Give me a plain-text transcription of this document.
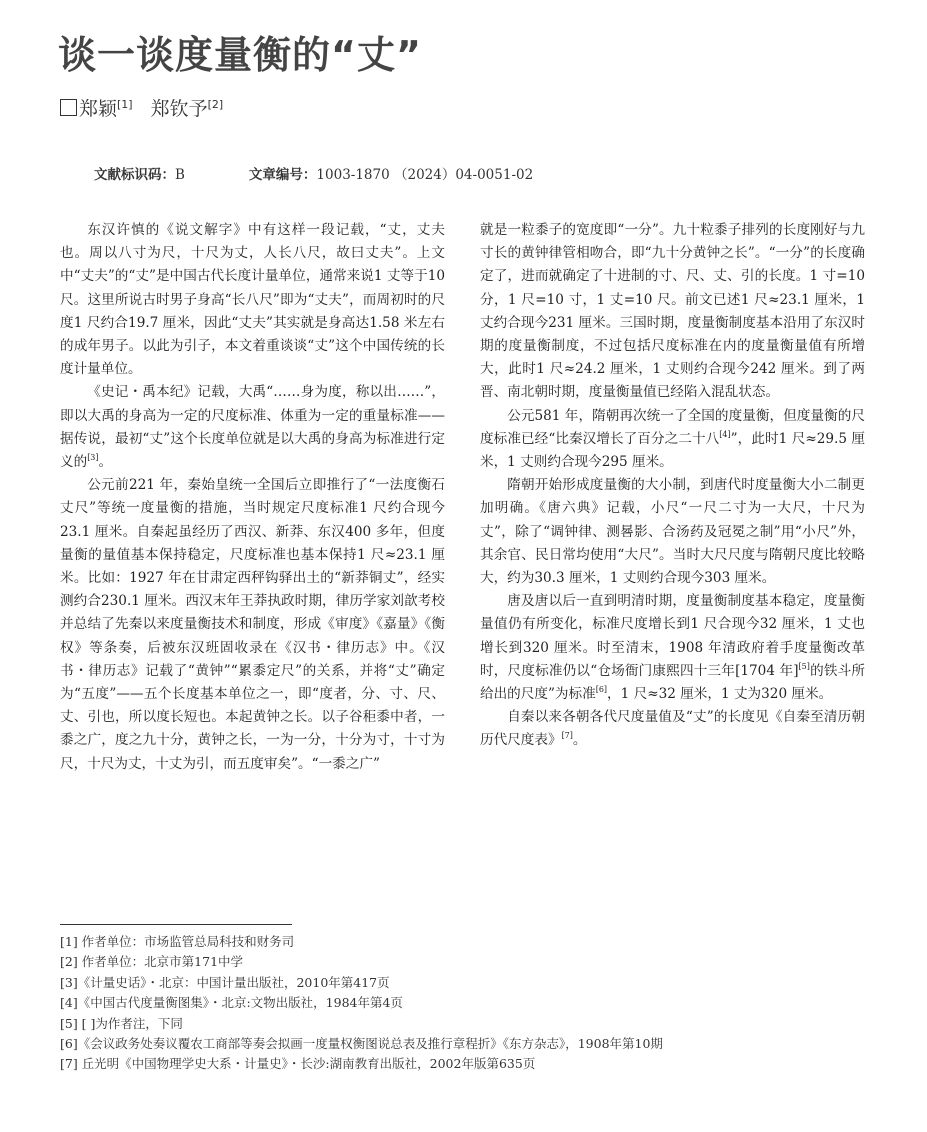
谈一谈度量衡的“丈”
郑颖[1] 郑钦予[2]
文献标识码：B	文章编号：1003-1870 （2024）04-0051-02

东汉许慎的《说文解字》中有这样一段记载，“丈，丈夫也。周以八寸为尺，十尺为丈，人长八尺，故曰丈夫”。上文中“丈夫”的“丈”是中国古代长度计量单位，通常来说1 丈等于10 尺。这里所说古时男子身高“长八尺”即为“丈夫”，而周初时的尺度1 尺约合19.7 厘米，因此“丈夫”其实就是身高达1.58 米左右的成年男子。以此为引子，本文着重谈谈“丈”这个中国传统的长度计量单位。

《史记・禹本纪》记载，大禹“……身为度，称以出……”，即以大禹的身高为一定的尺度标准、体重为一定的重量标准——据传说，最初“丈”这个长度单位就是以大禹的身高为标准进行定义的[3]。

公元前221 年，秦始皇统一全国后立即推行了“一法度衡石丈尺”等统一度量衡的措施，当时规定尺度标准1 尺约合现今23.1 厘米。自秦起虽经历了西汉、新莽、东汉400 多年，但度量衡的量值基本保持稳定，尺度标准也基本保持1 尺≈23.1 厘米。比如：1927 年在甘肃定西秤钩驿出土的“新莽铜丈”，经实测约合230.1 厘米。西汉末年王莽执政时期，律历学家刘歆考校并总结了先秦以来度量衡技术和制度，形成《审度》《嘉量》《衡权》等条奏，后被东汉班固收录在《汉书・律历志》中。《汉书・律历志》记载了“黄钟”“累黍定尺”的关系，并将“丈”确定为“五度”——五个长度基本单位之一，即“度者，分、寸、尺、丈、引也，所以度长短也。本起黄钟之长。以子谷秬黍中者，一黍之广，度之九十分，黄钟之长，一为一分，十分为寸，十寸为尺，十尺为丈，十丈为引，而五度审矣”。“一黍之广”

就是一粒黍子的宽度即“一分”。九十粒黍子排列的长度刚好与九寸长的黄钟律管相吻合，即“九十分黄钟之长”。“一分”的长度确定了，进而就确定了十进制的寸、尺、丈、引的长度。1 寸=10 分，1 尺=10 寸，1 丈=10 尺。前文已述1 尺≈23.1 厘米，1 丈约合现今231 厘米。三国时期，度量衡制度基本沿用了东汉时期的度量衡制度，不过包括尺度标准在内的度量衡量值有所增大，此时1 尺≈24.2 厘米，1 丈则约合现今242 厘米。到了两晋、南北朝时期，度量衡量值已经陷入混乱状态。

公元581 年，隋朝再次统一了全国的度量衡，但度量衡的尺度标准已经“比秦汉增长了百分之二十八[4]”，此时1 尺≈29.5 厘米，1 丈则约合现今295 厘米。

隋朝开始形成度量衡的大小制，到唐代时度量衡大小二制更加明确。《唐六典》记载，小尺“一尺二寸为一大尺，十尺为丈”，除了“调钟律、测晷影、合汤药及冠冕之制”用“小尺”外，其余官、民日常均使用“大尺”。当时大尺尺度与隋朝尺度比较略大，约为30.3 厘米，1 丈则约合现今303 厘米。

唐及唐以后一直到明清时期，度量衡制度基本稳定，度量衡量值仍有所变化，标准尺度增长到1 尺合现今32 厘米，1 丈也增长到320 厘米。时至清末，1908 年清政府着手度量衡改革时，尺度标准仍以“仓场衙门康熙四十三年[1704 年][5]的铁斗所给出的尺度”为标准[6]，1 尺≈32 厘米，1 丈为320 厘米。

自秦以来各朝各代尺度量值及“丈”的长度见《自秦至清历朝历代尺度表》[7]。

[1] 作者单位：市场监管总局科技和财务司
[2] 作者单位：北京市第171中学
[3]《计量史话》・北京：中国计量出版社，2010年第417页
[4]《中国古代度量衡图集》・北京:文物出版社，1984年第4页
[5] [ ]为作者注，下同
[6]《会议政务处奏议覆农工商部等奏会拟画一度量权衡图说总表及推行章程折》《东方杂志》，1908年第10期
[7] 丘光明《中国物理学史大系・计量史》・长沙:湖南教育出版社，2002年版第635页
